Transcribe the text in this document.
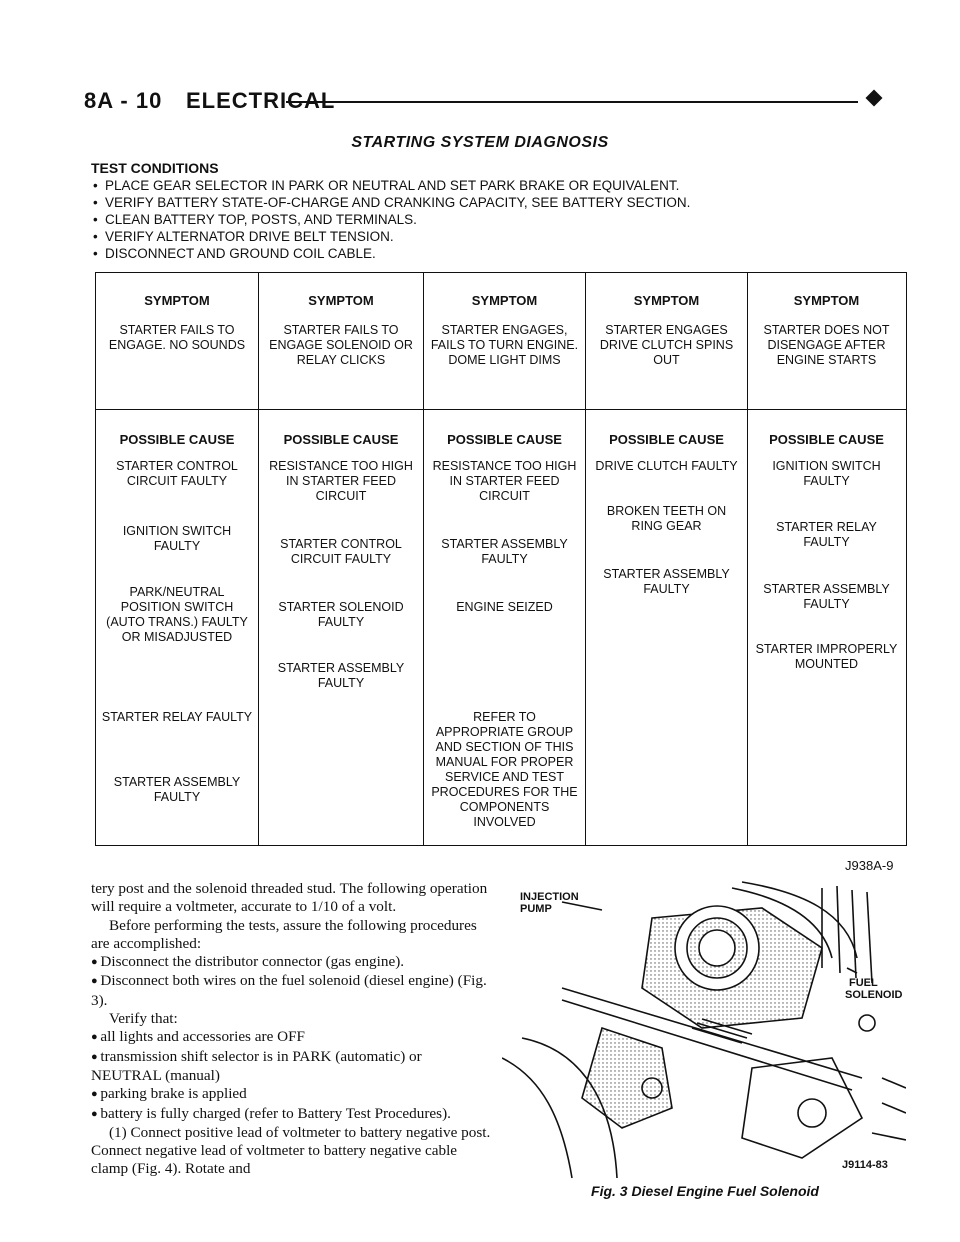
8A - 10 ELECTRICAL
STARTING SYSTEM DIAGNOSIS
TEST CONDITIONS
• PLACE GEAR SELECTOR IN PARK OR NEUTRAL AND SET PARK BRAKE OR EQUIVALENT.
• VERIFY BATTERY STATE-OF-CHARGE AND CRANKING CAPACITY, SEE BATTERY SECTION.
• CLEAN BATTERY TOP, POSTS, AND TERMINALS.
• VERIFY ALTERNATOR DRIVE BELT TENSION.
• DISCONNECT AND GROUND COIL CABLE.
SYMPTOM
STARTER FAILS TO ENGAGE. NO SOUNDS
POSSIBLE CAUSE
STARTER CONTROL CIRCUIT FAULTY
IGNITION SWITCH FAULTY
PARK/NEUTRAL POSITION SWITCH (AUTO TRANS.) FAULTY OR MISADJUSTED
STARTER RELAY FAULTY
STARTER ASSEMBLY FAULTY
SYMPTOM
STARTER FAILS TO ENGAGE SOLENOID OR RELAY CLICKS
POSSIBLE CAUSE
RESISTANCE TOO HIGH IN STARTER FEED CIRCUIT
STARTER CONTROL CIRCUIT FAULTY
STARTER SOLENOID FAULTY
STARTER ASSEMBLY FAULTY
SYMPTOM
STARTER ENGAGES, FAILS TO TURN ENGINE. DOME LIGHT DIMS
POSSIBLE CAUSE
RESISTANCE TOO HIGH IN STARTER FEED CIRCUIT
STARTER ASSEMBLY FAULTY
ENGINE SEIZED
REFER TO APPROPRIATE GROUP AND SECTION OF THIS MANUAL FOR PROPER SERVICE AND TEST PROCEDURES FOR THE COMPONENTS INVOLVED
SYMPTOM
STARTER ENGAGES DRIVE CLUTCH SPINS OUT
POSSIBLE CAUSE
DRIVE CLUTCH FAULTY
BROKEN TEETH ON RING GEAR
STARTER ASSEMBLY FAULTY
SYMPTOM
STARTER DOES NOT DISENGAGE AFTER ENGINE STARTS
POSSIBLE CAUSE
IGNITION SWITCH FAULTY
STARTER RELAY FAULTY
STARTER ASSEMBLY FAULTY
STARTER IMPROPERLY MOUNTED
J938A-9

tery post and the solenoid threaded stud. The following operation will require a voltmeter, accurate to 1/10 of a volt.

Before performing the tests, assure the following procedures are accomplished:

● Disconnect the distributor connector (gas engine).

● Disconnect both wires on the fuel solenoid (diesel engine) (Fig. 3).

Verify that:

● all lights and accessories are OFF

● transmission shift selector is in PARK (automatic) or NEUTRAL (manual)

● parking brake is applied

● battery is fully charged (refer to Battery Test Procedures).

(1) Connect positive lead of voltmeter to battery negative post. Connect negative lead of voltmeter to battery negative cable clamp (Fig. 4). Rotate and

INJECTION
PUMP
FUEL
SOLENOID
J9114-83
Fig. 3 Diesel Engine Fuel Solenoid
